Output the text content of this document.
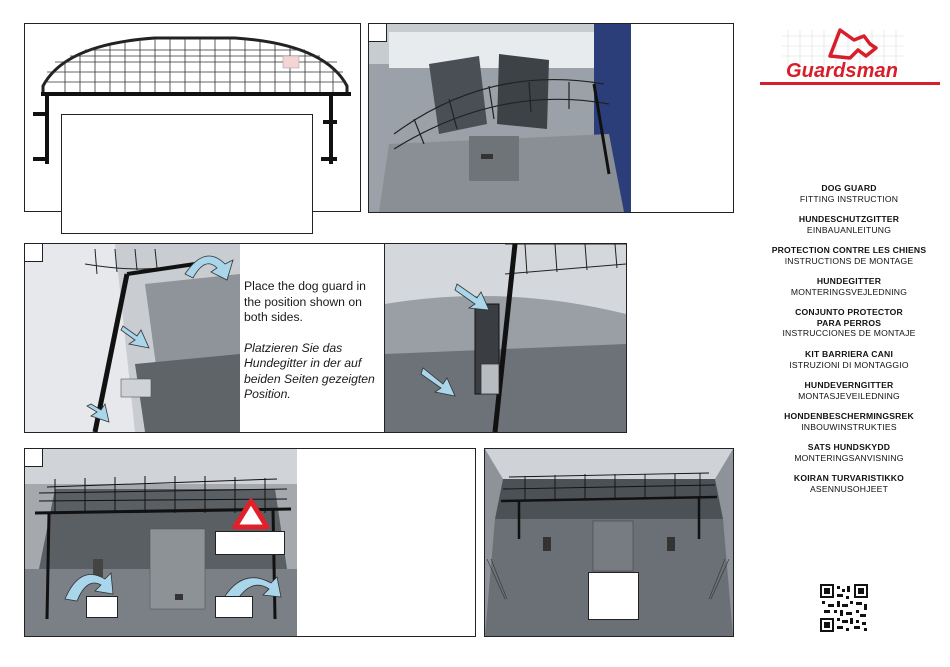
Guardsman
DOG GUARD
FITTING INSTRUCTION
HUNDESCHUTZGITTER
EINBAUANLEITUNG
PROTECTION CONTRE LES CHIENS
INSTRUCTIONS DE MONTAGE
HUNDEGITTER
MONTERINGSVEJLEDNING
CONJUNTO PROTECTOR PARA PERROS
INSTRUCCIONES DE MONTAJE
KIT BARRIERA CANI
ISTRUZIONI DI MONTAGGIO
HUNDEVERNGITTER
MONTASJEVEILEDNING
HONDENBESCHERMINGSREK
INBOUWINSTRUKTIES
SATS HUNDSKYDD
MONTERINGSANVISNING
KOIRAN TURVARISTIKKO
ASENNUSOHJEET

Place the dog guard in the position shown on both sides.

Platzieren Sie das Hundegitter in der auf beiden Seiten gezeigten Position.
